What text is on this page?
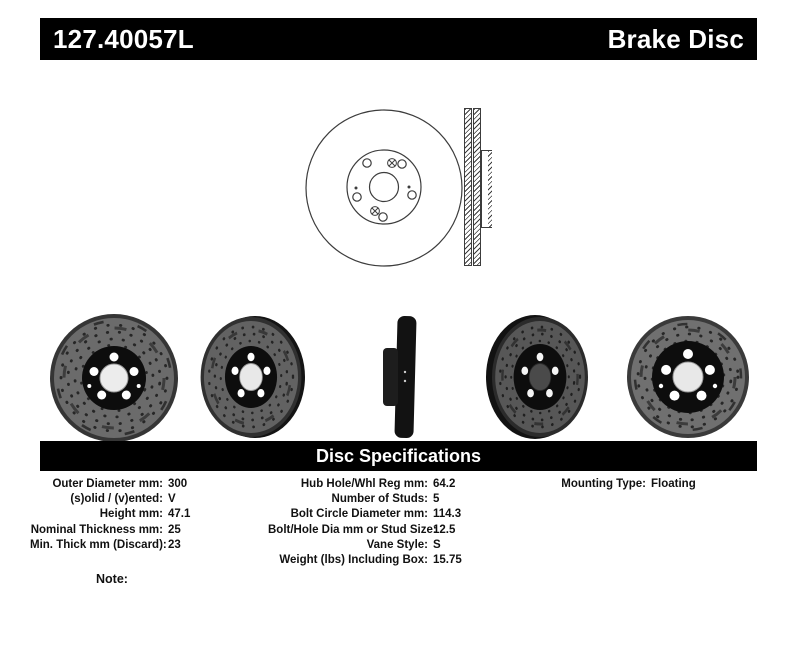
127.40057L	Brake Disc
Disc Specifications
Outer Diameter mm: 300
(s)olid / (v)ented: V
Height mm: 47.1
Nominal Thickness mm: 25
Min. Thick mm (Discard): 23
Hub Hole/Whl Reg mm: 64.2
Number of Studs: 5
Bolt Circle Diameter mm: 114.3
Bolt/Hole Dia mm or Stud Size:
12.5
Vane Style: S
Weight (lbs) Including Box: 15.75
Mounting Type: Floating
Note:
